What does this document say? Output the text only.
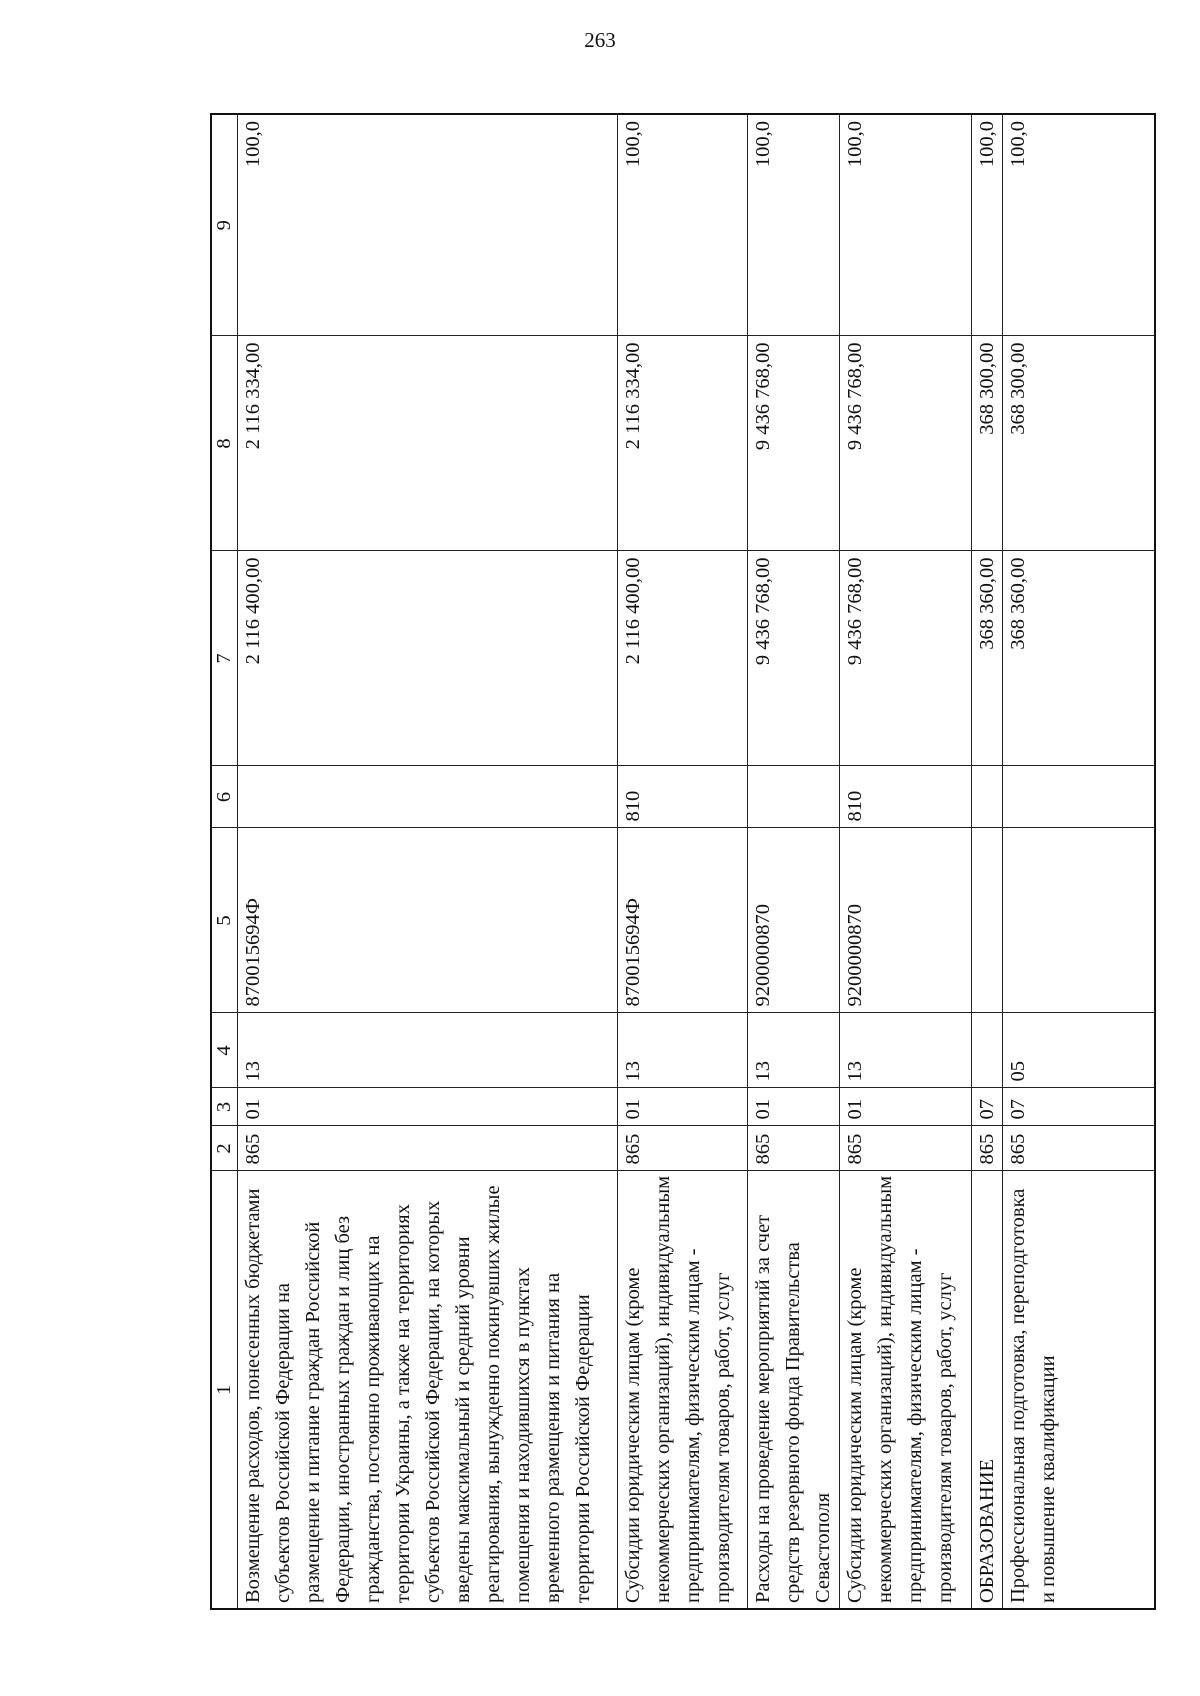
263
1	2	3	4	5	6	7	8	9
Возмещение расходов, понесенных бюджетами субъектов Российской Федерации на размещение и питание граждан Российской Федерации, иностранных граждан и лиц без гражданства, постоянно проживающих на территории Украины, а также на территориях субъектов Российской Федерации, на которых введены максимальный и средний уровни реагирования, вынужденно покинувших жилые помещения и находившихся в пунктах временного размещения и питания на территории Российской Федерации	865	01	13	870015694Ф		2 116 400,00	2 116 334,00	100,0
Субсидии юридическим лицам (кроме некоммерческих организаций), индивидуальным предпринимателям, физическим лицам - производителям товаров, работ, услуг	865	01	13	870015694Ф	810	2 116 400,00	2 116 334,00	100,0
Расходы на проведение мероприятий за счет средств резервного фонда Правительства Севастополя	865	01	13	9200000870		9 436 768,00	9 436 768,00	100,0
Субсидии юридическим лицам (кроме некоммерческих организаций), индивидуальным предпринимателям, физическим лицам - производителям товаров, работ, услуг	865	01	13	9200000870	810	9 436 768,00	9 436 768,00	100,0
ОБРАЗОВАНИЕ	865	07				368 360,00	368 300,00	100,0
Профессиональная подготовка, переподготовка и повышение квалификации	865	07	05			368 360,00	368 300,00	100,0
